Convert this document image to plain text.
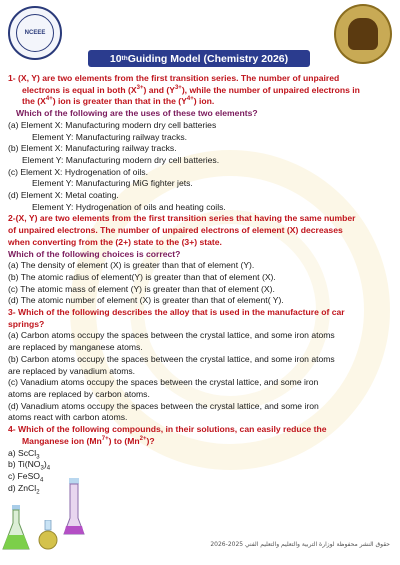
NCEEE
10 th Guiding Model (Chemistry 2026)
1- (X, Y) are two elements from the first transition series. The number of unpaired
electrons is equal in both $(X^{3+})$ and $(Y^{3+})$, while the number of unpaired electrons in
the $(X^{4+})$ ion is greater than that in the $(Y^{4+})$ ion.
Which of the following are the uses of these two elements?
(a) Element X: Manufacturing modern dry cell batteries
Element Y: Manufacturing railway tracks.
(b) Element X: Manufacturing railway tracks.
Element Y: Manufacturing modern dry cell batteries.
(c) Element X: Hydrogenation of oils.
Element Y: Manufacturing MiG fighter jets.
(d) Element X: Metal coating.
Element Y: Hydrogenation of oils and heating coils.
2-(X, Y) are two elements from the first transition series that having the same number
of unpaired electrons. The number of unpaired electrons of element (X) decreases
when converting from the (2+) state to the (3+) state.
Which of the following choices is correct?
(a) The density of element (X) is greater than that of element (Y).
(b) The atomic radius of element(Y) is greater than that of element (X).
(c) The atomic mass of element (Y) is greater than that of element (X).
(d) The atomic number of element (X) is greater than that of element( Y).
3- Which of the following describes the alloy that is used in the manufacture of car
springs?
(a) Carbon atoms occupy the spaces between the crystal lattice, and some iron atoms
are replaced by manganese atoms.
(b) Carbon atoms occupy the spaces between the crystal lattice, and some iron atoms
are replaced by vanadium atoms.
(c) Vanadium atoms occupy the spaces between the crystal lattice, and some iron
atoms are replaced by carbon atoms.
(d) Vanadium atoms occupy the spaces between the crystal lattice, and some iron
atoms react with carbon atoms.
4- Which of the following compounds, in their solutions, can easily reduce the
Manganese ion $(Mn^{7+})$ to $(Mn^{2+})$?
a) ScCl$_3$
b) $Ti(NO_3)_4$
c) FeSO$_4$
d) ZnCl$_2$
حقوق النشر محفوظة لوزارة التربية والتعليم والتعليم الفني 2025-2026
